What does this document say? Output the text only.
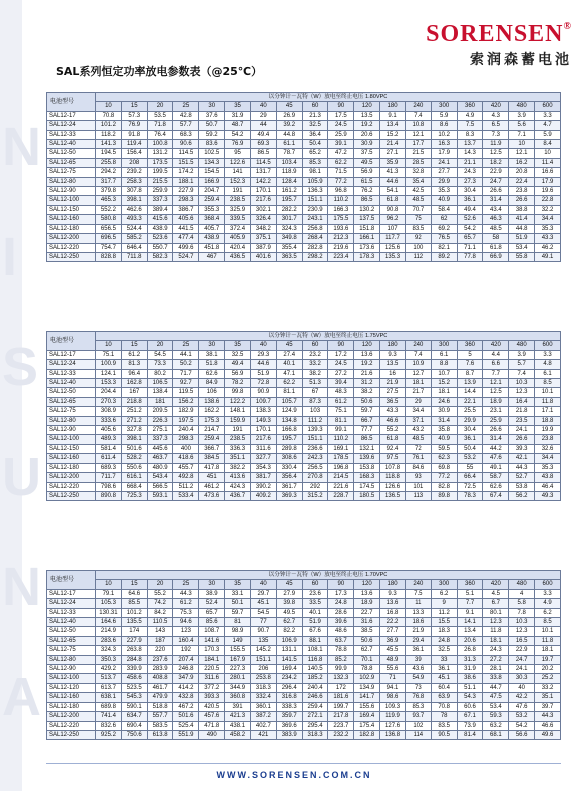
N
I
S
U
N
A
SORENSEN®
索润森蓄电池
SAL系列恒定功率放电参数表（@25℃）
电池型号	以分钟计－瓦特（W）放电至终止电压 1.80VPC																	
	10	15	20	25	30	35	40	45	60	90	120	180	240	300	360	420	480	600
SAL12-17	70.8	57.3	53.5	42.8	37.6	31.9	29	26.9	21.3	17.5	13.5	9.1	7.4	5.9	4.9	4.3	3.9	3.3
SAL12-24	101.2	76.9	71.8	57.7	50.7	48.7	44	39.2	32.5	24.5	19.2	13.4	10.8	8.6	7.5	6.5	5.6	4.7
SAL12-33	118.2	91.8	76.4	68.3	59.2	54.2	49.4	44.8	36.4	25.9	20.6	15.2	12.1	10.2	8.3	7.3	7.1	5.9
SAL12-40	141.3	119.4	100.8	90.6	83.6	76.9	69.3	61.1	50.4	39.1	30.9	21.4	17.7	16.3	13.7	11.9	10	8.4
SAL12-50	194.5	156.4	131.2	114.5	102.5	95	86.5	78.7	65.2	47.2	37.5	27.1	21.5	17.9	14.3	12.5	12.1	10
SAL12-65	255.8	208	173.5	151.5	134.3	122.6	114.5	103.4	85.3	62.2	49.5	35.9	28.5	24.1	21.1	18.2	16.2	11.4
SAL12-75	294.2	239.2	199.5	174.2	154.5	141	131.7	118.9	98.1	71.5	56.9	41.3	32.8	27.7	24.3	22.9	20.8	16.6
SAL12-80	317.7	258.3	215.5	188.1	166.9	152.3	142.2	128.4	105.9	77.2	61.5	44.6	35.4	29.9	27.3	24.7	22.4	17.9
SAL12-90	379.8	307.8	259.9	227.9	204.7	191	170.1	161.2	136.3	96.8	76.2	54.1	42.5	35.3	30.4	26.6	23.8	19.6
SAL12-100	465.3	398.1	337.3	298.3	259.4	238.5	217.6	195.7	151.1	110.2	86.5	61.8	48.5	40.9	36.1	31.4	26.6	22.8
SAL12-150	552.2	462.6	389.4	386.7	355.3	325.9	302.1	282.2	230.9	166.3	130.2	90.8	70.7	58.4	49.4	43.4	38.8	32.2
SAL12-160	580.8	493.3	415.6	405.6	368.4	339.5	326.4	301.7	243.1	175.5	137.5	96.2	75	62	52.6	46.3	41.4	34.4
SAL12-180	656.5	524.4	438.9	441.5	405.7	372.4	348.2	324.3	256.8	193.6	151.8	107	83.5	69.2	54.2	48.5	44.8	35.3
SAL12-200	696.5	585.2	523.6	477.4	438.9	405.9	375.1	349.8	268.4	212.3	166.1	117.7	92	76.5	65.7	58	51.9	43.3
SAL12-220	754.7	646.4	550.7	499.6	451.8	420.4	387.9	355.4	282.8	219.6	173.6	125.6	100	82.1	71.1	61.8	53.4	46.2
SAL12-250	828.8	711.8	582.3	524.7	467	436.5	401.6	363.5	298.2	223.4	178.3	135.3	112	89.2	77.8	66.9	55.8	49.1
电池型号	以分钟计－瓦特（W）放电至终止电压 1.75VPC																	
	10	15	20	25	30	35	40	45	60	90	120	180	240	300	360	420	480	600
SAL12-17	75.1	61.2	54.5	44.1	38.1	32.5	29.3	27.4	23.2	17.2	13.6	9.3	7.4	6.1	5	4.4	3.9	3.3
SAL12-24	100.9	81.3	73.3	50.2	51.8	49.4	44.6	40.1	33.2	24.5	19.2	13.5	10.9	8.8	7.6	6.6	5.7	4.8
SAL12-33	124.1	96.4	80.2	71.7	62.6	56.9	51.9	47.1	38.2	27.2	21.6	16	12.7	10.7	8.7	7.7	7.4	6.1
SAL12-40	153.3	162.8	106.5	92.7	84.9	78.2	72.8	62.2	51.3	39.4	31.2	21.9	18.1	15.2	13.9	12.1	10.3	8.5
SAL12-50	204.4	167	138.4	119.5	106	99.8	90.9	81.1	67	48.3	38.2	27.5	21.7	18.1	14.4	12.5	12.3	10.1
SAL12-65	270.3	218.8	181	156.2	138.6	122.2	109.7	105.7	87.3	61.2	50.6	36.5	29	24.6	22.1	18.9	16.4	11.8
SAL12-75	308.9	251.2	209.5	182.9	162.2	148.1	138.3	124.9	103	75.1	59.7	43.3	34.4	30.9	25.5	23.1	21.8	17.1
SAL12-80	333.6	271.2	226.3	197.5	175.3	159.9	149.3	134.8	111.2	81.1	66.7	46.6	37.1	31.4	29.9	25.9	23.5	18.8
SAL12-90	405.6	327.8	275.1	240.4	214.7	191	170.1	166.8	139.3	99.1	77.7	55.2	43.2	35.8	30.4	26.6	24.1	19.9
SAL12-100	489.3	398.1	337.3	298.3	259.4	238.5	217.6	195.7	151.1	110.2	86.5	61.8	48.5	40.9	36.1	31.4	26.6	23.8
SAL12-150	581.4	501.6	445.6	400	366.7	336.3	311.6	289.8	236.6	169.1	132.1	92.4	72	59.5	50.4	44.2	39.3	32.6
SAL12-160	611.4	528.2	463.7	418.6	384.5	351.1	327.7	308.6	242.3	178.5	139.6	97.5	76.1	62.3	53.2	47.6	42.1	34.4
SAL12-180	689.3	550.6	480.9	455.7	417.8	382.2	354.3	330.4	256.5	196.8	153.8	107.8	84.6	69.8	55	49.1	44.3	35.3
SAL12-200	711.7	616.1	543.4	492.8	451	413.6	381.7	356.4	270.8	214.5	168.3	118.8	93	77.2	66.4	58.7	52.7	43.8
SAL12-220	798.6	668.4	566.5	511.2	461.2	424.3	390.2	361.7	292	221.6	174.5	126.6	101	82.8	72.5	62.6	53.8	46.4
SAL12-250	890.8	725.3	593.1	533.4	473.6	436.7	409.2	369.3	315.2	228.7	180.5	136.5	113	89.8	78.3	67.4	56.2	49.3
电池型号	以分钟计－瓦特（W）放电至终止电压 1.70VPC																	
	10	15	20	25	30	35	40	45	60	90	120	180	240	300	360	420	480	600
SAL12-17	79.1	64.6	55.2	44.3	38.9	33.1	29.7	27.9	23.6	17.3	13.6	9.3	7.5	6.2	5.1	4.5	4	3.3
SAL12-24	105.3	85.5	74.2	61.2	52.4	50.1	45.1	39.8	33.5	24.8	18.9	13.6	11	9	7.7	6.7	5.8	4.9
SAL12-33	130.31	101.2	84.2	75.3	65.7	59.7	54.5	49.5	40.1	28.6	22.7	16.8	13.3	11.2	9.1	80.1	7.8	6.2
SAL12-40	164.6	135.5	110.5	94.6	85.6	81	77	62.7	51.9	39.6	31.6	22.2	18.6	15.5	14.1	12.3	10.3	8.5
SAL12-50	214.9	174	143	123	108.7	98.9	90.7	82.2	67.6	48.6	38.5	27.7	21.9	18.3	13.4	11.8	12.3	10.1
SAL12-65	283.6	227.9	187	160.4	141.6	149	135	106.9	88.1	63.7	50.6	36.9	29.4	24.8	20.6	18.1	16.5	11.8
SAL12-75	324.3	263.8	220	192	170.3	155.5	145.2	131.1	108.1	78.8	62.7	45.5	36.1	32.5	26.8	24.3	22.9	18.1
SAL12-80	350.3	284.8	237.6	207.4	184.1	167.9	151.1	141.5	116.8	85.2	70.1	48.9	39	33	31.3	27.2	24.7	19.7
SAL12-90	429.2	339.9	283.9	246.8	220.5	227.3	206	169.4	140.5	99.9	78.8	55.6	43.6	36.1	31.9	28.1	24.1	20.2
SAL12-100	513.7	458.6	408.8	347.9	311.6	280.1	253.8	234.2	185.2	132.3	102.9	71	54.9	45.1	38.6	33.8	30.3	25.2
SAL12-120	613.7	523.5	461.7	414.2	377.2	344.9	318.3	296.4	240.4	172	134.9	94.1	73	60.4	51.1	44.7	40	33.2
SAL12-160	638.1	545.3	479.9	432.8	393.3	360.8	332.4	316.8	246.6	181.6	141.7	98.6	76.8	63.9	54.3	47.5	42.2	35.1
SAL12-180	689.8	590.1	518.8	467.2	420.5	391	360.1	338.3	259.4	199.7	155.6	109.3	85.3	70.8	60.6	53.4	47.6	39.7
SAL12-200	741.4	634.7	557.7	501.6	457.6	421.3	387.2	359.7	272.1	217.8	169.4	119.9	93.7	78	67.1	59.3	53.2	44.3
SAL12-220	832.6	690.4	583.5	525.4	471.8	438.1	402.7	369.6	295.4	223.7	175.4	127.6	102	83.5	73.9	63.2	54.2	46.6
SAL12-250	925.2	750.6	613.8	551.9	490	458.2	421	383.9	318.3	232.2	182.8	136.8	114	90.5	81.4	68.1	56.6	49.6
WWW.SORENSEN.COM.CN
